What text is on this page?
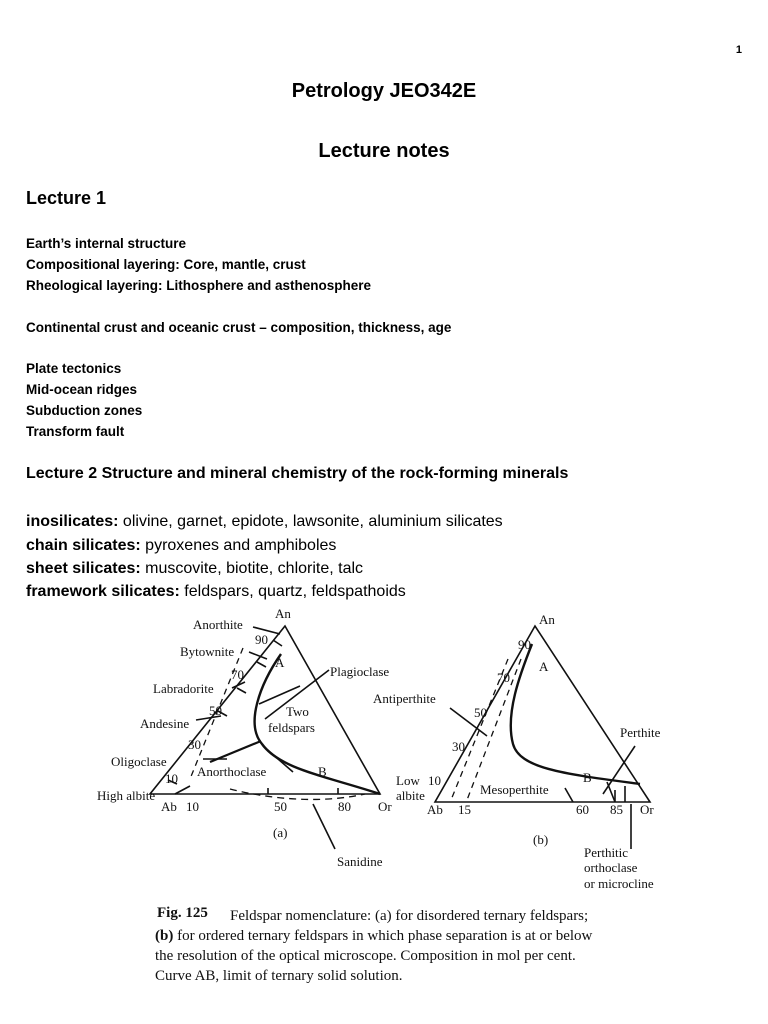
1
Petrology JEO342E
Lecture notes
Lecture 1
Earth’s internal structure
Compositional layering: Core, mantle, crust
Rheological layering: Lithosphere and asthenosphere
Continental crust and oceanic crust – composition, thickness, age
Plate tectonics
Mid-ocean ridges
Subduction zones
Transform fault
Lecture 2 Structure and mineral chemistry of the rock-forming minerals
inosilicates: olivine, garnet, epidote, lawsonite, aluminium silicates
chain silicates: pyroxenes and amphiboles
sheet silicates: muscovite, biotite, chlorite, talc
framework silicates: feldspars, quartz, feldspathoids
An
Anorthite
90
Bytownite
A
70	Plagioclase
Labradorite
50	Two
Andesine	feldspars
30
Oligoclase
Anorthoclase	B
10
High albite
Ab 10	50	80 Or
(a)
Sanidine
An
90
A
70
Antiperthite
50
Perthite
30
Low 10	B
Mesoperthite
albite
Ab 15	60 85 Or
(b)
Perthitic
orthoclase
or microcline
Fig. 125 Feldspar nomenclature: (a) for disordered ternary feldspars;
(b) for ordered ternary feldspars in which phase separation is at or below
the resolution of the optical microscope. Composition in mol per cent.
Curve AB, limit of ternary solid solution.
